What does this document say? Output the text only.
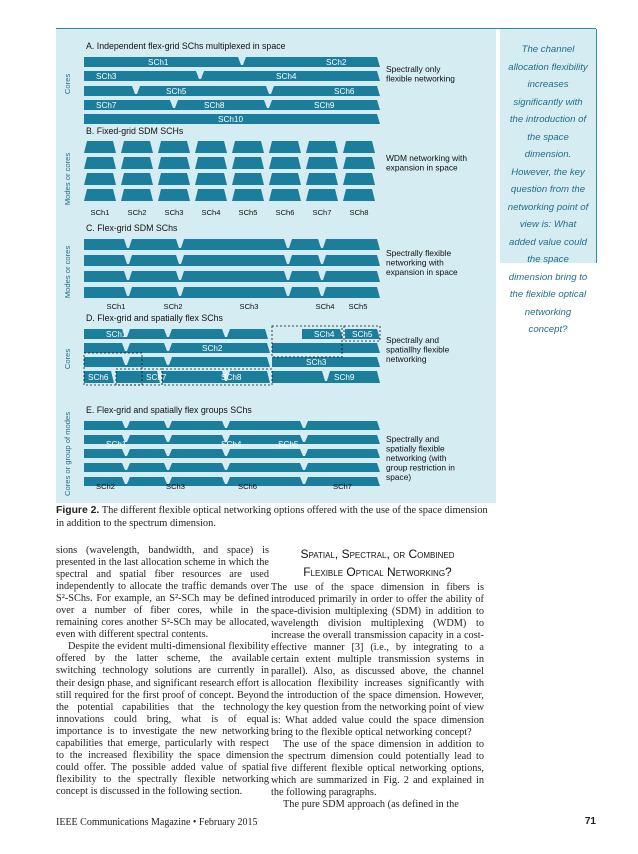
A. Independent flex-grid SChs multiplexed in space
Cores
SCh1	SCh2
SCh3	SCh4
SCh5	SCh6
SCh7	SCh8	SCh9
SCh10
Spectrally only
flexible networking
B. Fixed-grid SDM SCHs
Modes or cores
SCh1 SCh2 SCh3 SCh4 SCh5 SCh6 SCh7 SCh8
WDM networking with
expansion in space
C. Flex-grid SDM SChs
Modes or cores
SCh1	SCh2	SCh3	SCh4 SCh5
Spectrally flexible
networking with
expansion in space
D. Flex-grid and spatially flex SChs
Cores
SCh1	SCh4 SCh5
SCh2
SCh3
SCh6	SCh7	SCh8	SCh9
Spectrally and
spatiallhy flexible
networking
E. Flex-grid and spatially flex groups SChs
Cores or group of modes	SCh1	SCh4	SCh5
SCh2	SCh3	SCh6	SCh7
Spectrally and
spatially flexible
networking (with
group restriction in
space)

The channel allocation flexibility increases significantly with the introduction of the space dimension. However, the key question from the networking point of view is: What added value could the space dimension bring to the flexible optical networking concept?

Figure 2. The different flexible optical networking options offered with the use of the space dimension in addition to the spectrum dimension.

sions (wavelength, bandwidth, and space) is presented in the last allocation scheme in which the spectral and spatial fiber resources are used independently to allocate the traffic demands over S²-SChs. For example, an S²-SCh may be defined over a number of fiber cores, while in the remaining cores another S²-SCh may be allocated, even with different spectral contents.

Despite the evident multi-dimensional flexibility offered by the latter scheme, the available switching technology solutions are currently in their design phase, and significant research effort is still required for the first proof of concept. Beyond the potential capabilities that the technology innovations could bring, what is of equal importance is to investigate the new networking capabilities that emerge, particularly with respect to the increased flexibility the space dimension could offer. The possible added value of spatial flexibility to the spectrally flexible networking concept is discussed in the following section.

Spatial, Spectral, or Combined
Flexible Optical Networking?

The use of the space dimension in fibers is introduced primarily in order to offer the ability of space-division multiplexing (SDM) in addition to wavelength division multiplexing (WDM) to increase the overall transmission capacity in a cost-effective manner [3] (i.e., by integrating to a certain extent multiple transmission systems in parallel). Also, as discussed above, the channel allocation flexibility increases significantly with the introduction of the space dimension. However, the key question from the networking point of view is: What added value could the space dimension bring to the flexible optical networking concept?

The use of the space dimension in addition to the spectrum dimension could potentially lead to five different flexible optical networking options, which are summarized in Fig. 2 and explained in the following paragraphs.

The pure SDM approach (as defined in the

IEEE Communications Magazine • February 2015	71
